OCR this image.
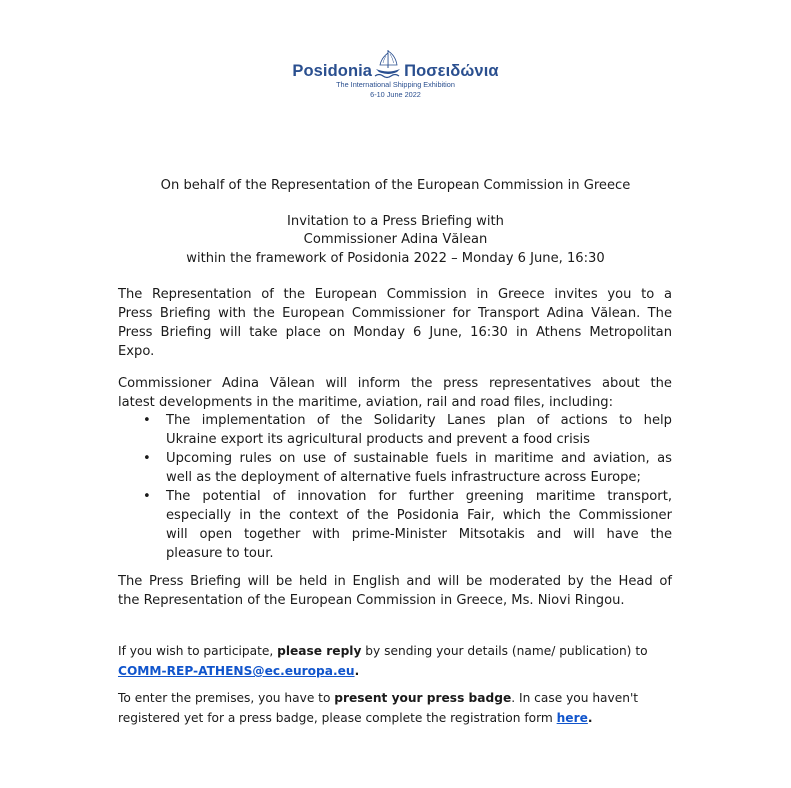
Posidonia Ποσειδώνια
The International Shipping Exhibition
6-10 June 2022
On behalf of the Representation of the European Commission in Greece
Invitation to a Press Briefing with
Commissioner Adina Vălean
within the framework of Posidonia 2022 – Monday 6 June, 16:30
The Representation of the European Commission in Greece invites you to a
Press Briefing with the European Commissioner for Transport Adina Vălean. The
Press Briefing will take place on Monday 6 June, 16:30 in Athens Metropolitan
Expo.
Commissioner Adina Vălean will inform the press representatives about the
latest developments in the maritime, aviation, rail and road files, including:
• The implementation of the Solidarity Lanes plan of actions to help
Ukraine export its agricultural products and prevent a food crisis
• Upcoming rules on use of sustainable fuels in maritime and aviation, as
well as the deployment of alternative fuels infrastructure across Europe;
• The potential of innovation for further greening maritime transport,
especially in the context of the Posidonia Fair, which the Commissioner
will open together with prime-Minister Mitsotakis and will have the
pleasure to tour.
The Press Briefing will be held in English and will be moderated by the Head of
the Representation of the European Commission in Greece, Ms. Niovi Ringou.
If you wish to participate, please reply by sending your details (name/ publication) to
COMM-REP-ATHENS@ec.europa.eu.
To enter the premises, you have to present your press badge. In case you haven't
registered yet for a press badge, please complete the registration form here.
